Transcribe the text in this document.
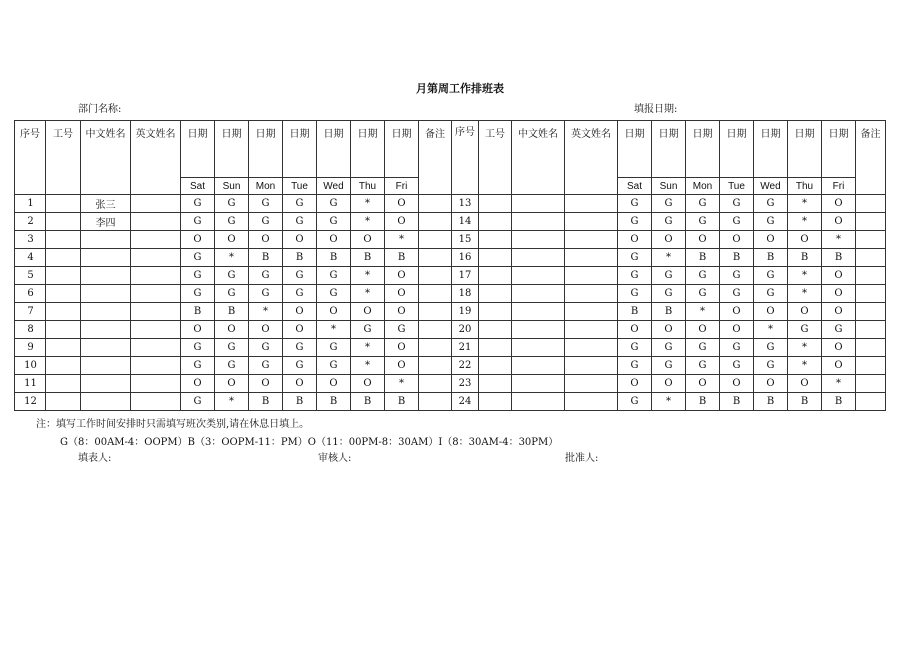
月第周工作排班表
部门名称:	填报日期:
序号	工号	中文姓名	英文姓名	日期	日期	日期	日期	日期	日期	日期	备注	序号	工号	中文姓名	英文姓名	日期	日期	日期	日期	日期	日期	日期	备注
				Sat	Sun	Mon	Tue	Wed	Thu	Fri						Sat	Sun	Mon	Tue	Wed	Thu	Fri	
1		张三		G	G	G	G	G	*	O		13				G	G	G	G	G	*	O	
2		李四		G	G	G	G	G	*	O		14				G	G	G	G	G	*	O	
3				O	O	O	O	O	O	*		15				O	O	O	O	O	O	*	
4				G	*	B	B	B	B	B		16				G	*	B	B	B	B	B	
5				G	G	G	G	G	*	O		17				G	G	G	G	G	*	O	
6				G	G	G	G	G	*	O		18				G	G	G	G	G	*	O	
7				B	B	*	O	O	O	O		19				B	B	*	O	O	O	O	
8				O	O	O	O	*	G	G		20				O	O	O	O	*	G	G	
9				G	G	G	G	G	*	O		21				G	G	G	G	G	*	O	
10				G	G	G	G	G	*	O		22				G	G	G	G	G	*	O	
11				O	O	O	O	O	O	*		23				O	O	O	O	O	O	*	
12				G	*	B	B	B	B	B		24				G	*	B	B	B	B	B	
注：填写工作时间安排时只需填写班次类别,请在休息日填上。
G（8：00AM-4：OOPM）B（3：OOPM-11：PM）O（11：00PM-8：30AM）I（8：30AM-4：30PM）
填表人:	审核人:	批准人:
